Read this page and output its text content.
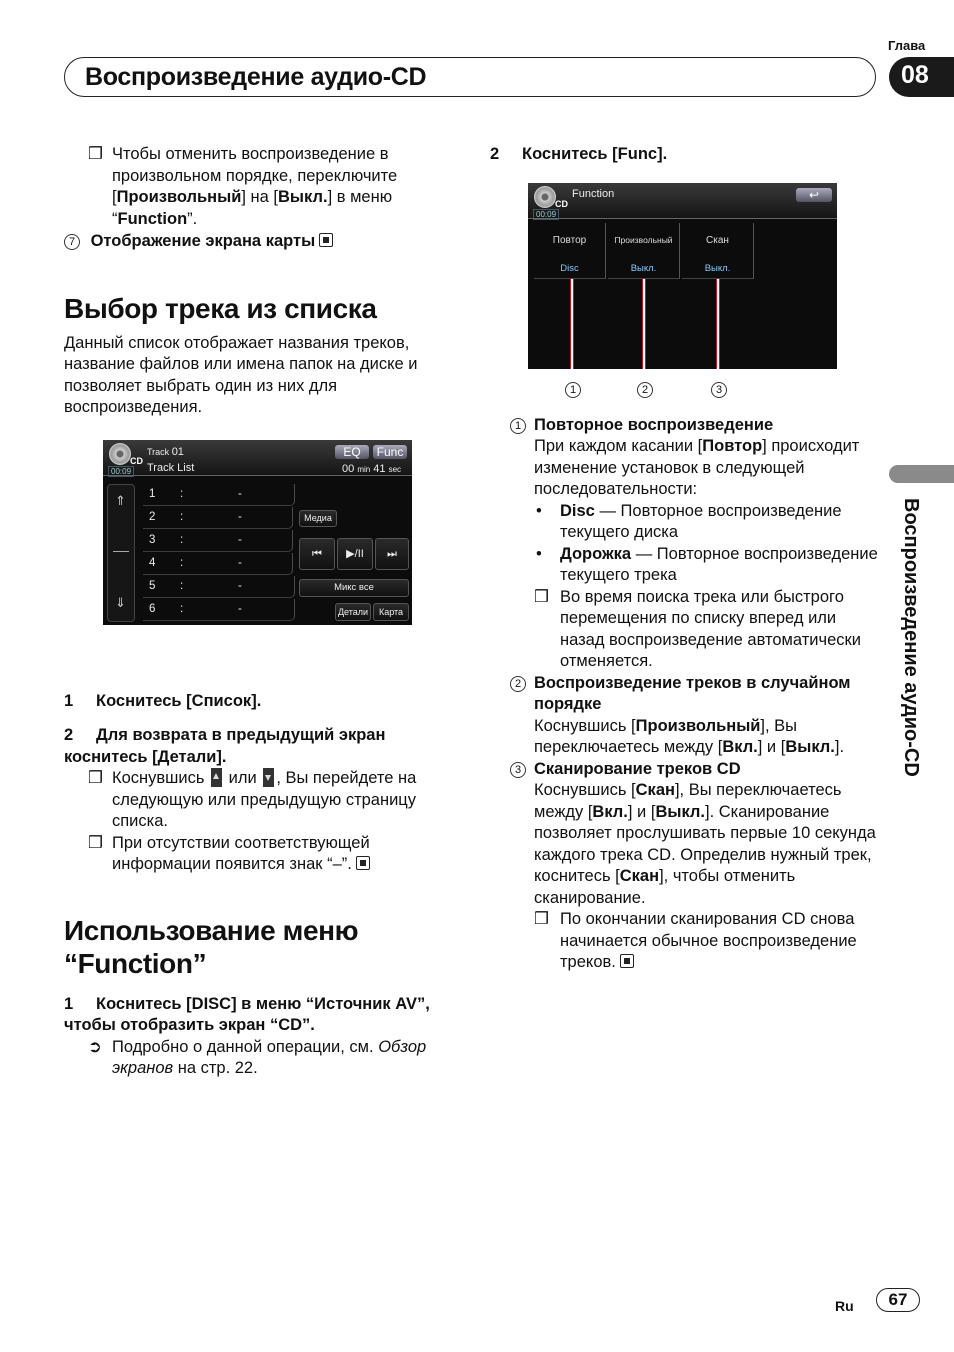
Глава
Воспроизведение аудио-CD	08
Воспроизведение аудио-CD
❒ Чтобы отменить воспроизведение в произвольном порядке, переключите [Произвольный] на [Выкл.] в меню “Function”.
7 Отображение экрана карты
Выбор трека из списка
Данный список отображает названия треков, название файлов или имена папок на диске и позволяет выбрать один из них для воспроизведения.
1 Коснитесь [Список].
2 Для возврата в предыдущий экран коснитесь [Детали].
❒ Коснувшись или , Вы перейдете на следующую или предыдущую страницу списка.
❒ При отсутствии соответствующей информации появится знак “–”.
Использование меню
“Function”
1 Коснитесь [DISC] в меню “Источник AV”, чтобы отобразить экран “CD”.
➲ Подробно о данной операции, см. Обзор экранов на стр. 22.
CD
00:09
Track 01
Track List
EQ	Func
00 min 41 sec
⇑
⇓
1 :	-
2 :	-
3 :	-
4 :	-
5 :	-
6 :	-
Медиа
⏮	▶/II	⏭
Микс все
Детали	Карта
2 Коснитесь [Func].
1 Повторное воспроизведение
При каждом касании [Повтор] происходит изменение установок в следующей последовательности:
• Disc — Повторное воспроизведение текущего диска
• Дорожка — Повторное воспроизведение текущего трека
❒ Во время поиска трека или быстрого перемещения по списку вперед или назад воспроизведение автоматически отменяется.
2 Воспроизведение треков в случайном порядке
Коснувшись [Произвольный], Вы переключаетесь между [Вкл.] и [Выкл.].
3 Сканирование треков CD
Коснувшись [Скан], Вы переключаетесь между [Вкл.] и [Выкл.]. Сканирование позволяет прослушивать первые 10 секунда каждого трека CD. Определив нужный трек, коснитесь [Скан], чтобы отменить сканирование.
❒ По окончании сканирования CD снова начинается обычное воспроизведение треков.
CD
00:09
Function	↩
Повтор
Disc
Произвольный
Выкл.
Скан
Выкл.
1	2	3
Ru	67
